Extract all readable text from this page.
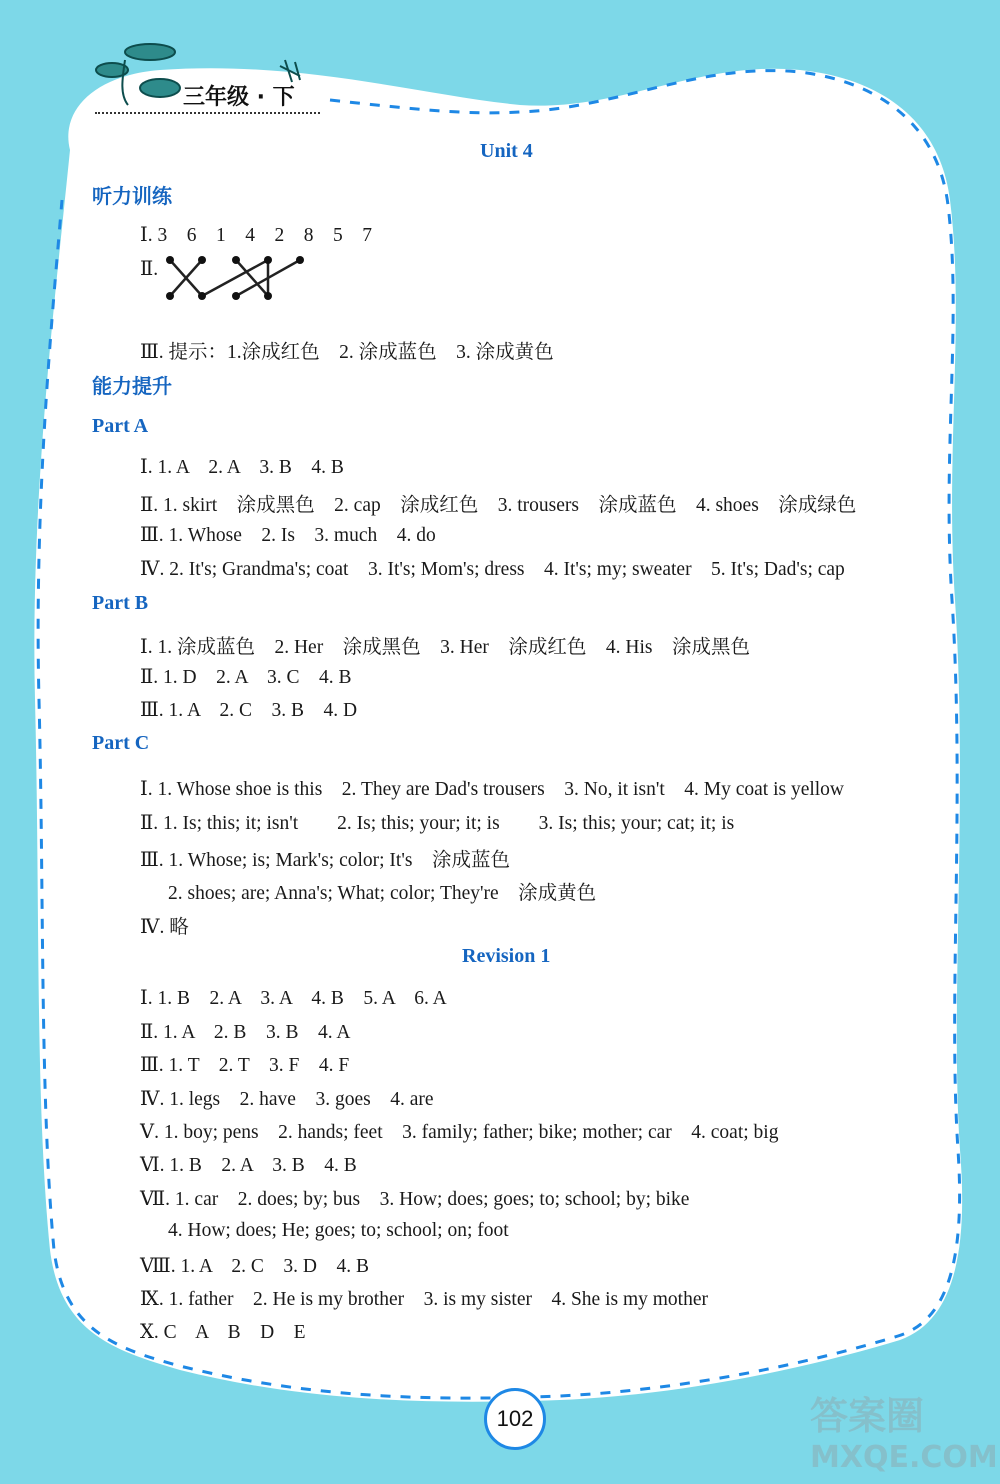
三年级 · 下
Unit 4
听力训练
Ⅰ. 3    6    1    4    2    8    5    7
Ⅱ.
Ⅲ. 提示：1.涂成红色    2. 涂成蓝色    3. 涂成黄色
能力提升
Part A
Ⅰ. 1. A    2. A    3. B    4. B
Ⅱ. 1. skirt    涂成黑色    2. cap    涂成红色    3. trousers    涂成蓝色    4. shoes    涂成绿色
Ⅲ. 1. Whose    2. Is    3. much    4. do
Ⅳ. 2. It's; Grandma's; coat    3. It's; Mom's; dress    4. It's; my; sweater    5. It's; Dad's; cap
Part B
Ⅰ. 1. 涂成蓝色    2. Her    涂成黑色    3. Her    涂成红色    4. His    涂成黑色
Ⅱ. 1. D    2. A    3. C    4. B
Ⅲ. 1. A    2. C    3. B    4. D
Part C
Ⅰ. 1. Whose shoe is this    2. They are Dad's trousers    3. No, it isn't    4. My coat is yellow
Ⅱ. 1. Is; this; it; isn't        2. Is; this; your; it; is        3. Is; this; your; cat; it; is
Ⅲ. 1. Whose; is; Mark's; color; It's    涂成蓝色
2. shoes; are; Anna's; What; color; They're    涂成黄色
Ⅳ. 略
Revision 1
Ⅰ. 1. B    2. A    3. A    4. B    5. A    6. A
Ⅱ. 1. A    2. B    3. B    4. A
Ⅲ. 1. T    2. T    3. F    4. F
Ⅳ. 1. legs    2. have    3. goes    4. are
Ⅴ. 1. boy; pens    2. hands; feet    3. family; father; bike; mother; car    4. coat; big
Ⅵ. 1. B    2. A    3. B    4. B
Ⅶ. 1. car    2. does; by; bus    3. How; does; goes; to; school; by; bike
4. How; does; He; goes; to; school; on; foot
Ⅷ. 1. A    2. C    3. D    4. B
Ⅸ. 1. father    2. He is my brother    3. is my sister    4. She is my mother
Ⅹ. C    A    B    D    E
102	答案圈
MXQE.COM
